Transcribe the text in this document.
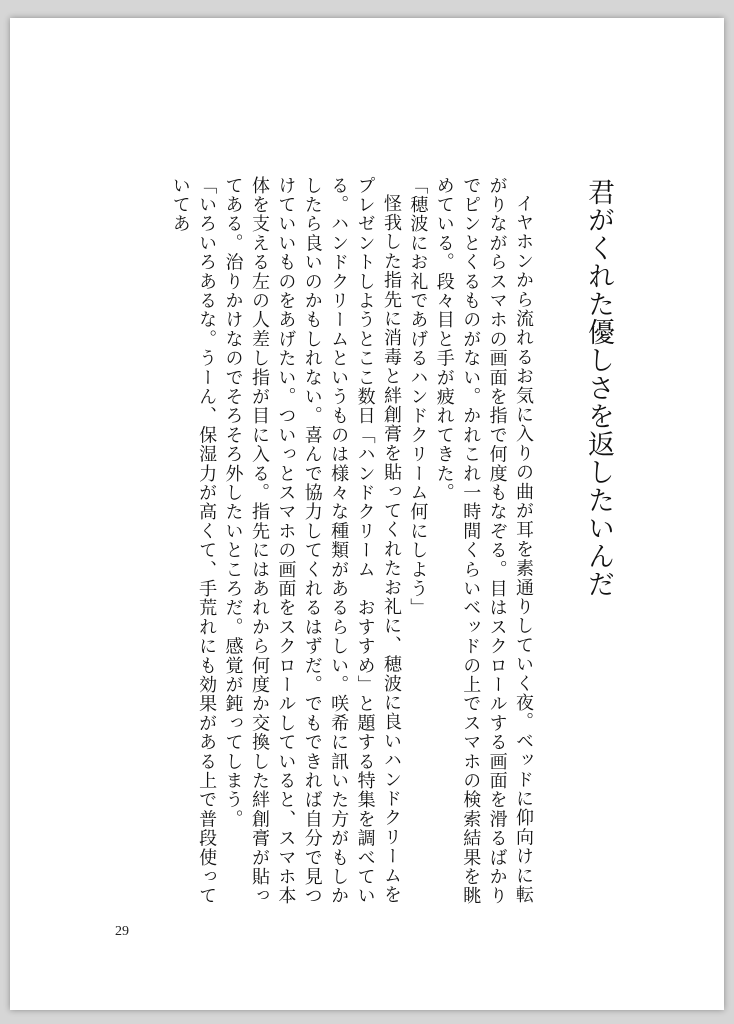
君がくれた優しさを返したいんだ

イヤホンから流れるお気に入りの曲が耳を素通りしていく夜。ベッドに仰向けに転がりながらスマホの画面を指で何度もなぞる。目はスクロールする画面を滑るばかりでピンとくるものがない。かれこれ一時間くらいベッドの上でスマホの検索結果を眺めている。段々目と手が疲れてきた。

「穂波にお礼であげるハンドクリーム何にしよう」

怪我した指先に消毒と絆創膏を貼ってくれたお礼に、穂波に良いハンドクリームをプレゼントしようとここ数日「ハンドクリーム　おすすめ」と題する特集を調べている。ハンドクリームというものは様々な種類があるらしい。咲希に訊いた方がもしかしたら良いのかもしれない。喜んで協力してくれるはずだ。でもできれば自分で見つけていいものをあげたい。ついっとスマホの画面をスクロールしていると、スマホ本体を支える左の人差し指が目に入る。指先にはあれから何度か交換した絆創膏が貼ってある。治りかけなのでそろそろ外したいところだ。感覚が鈍ってしまう。

「いろいろあるな。うーん、保湿力が高くて、手荒れにも効果がある上で普段使っていてあ

29
